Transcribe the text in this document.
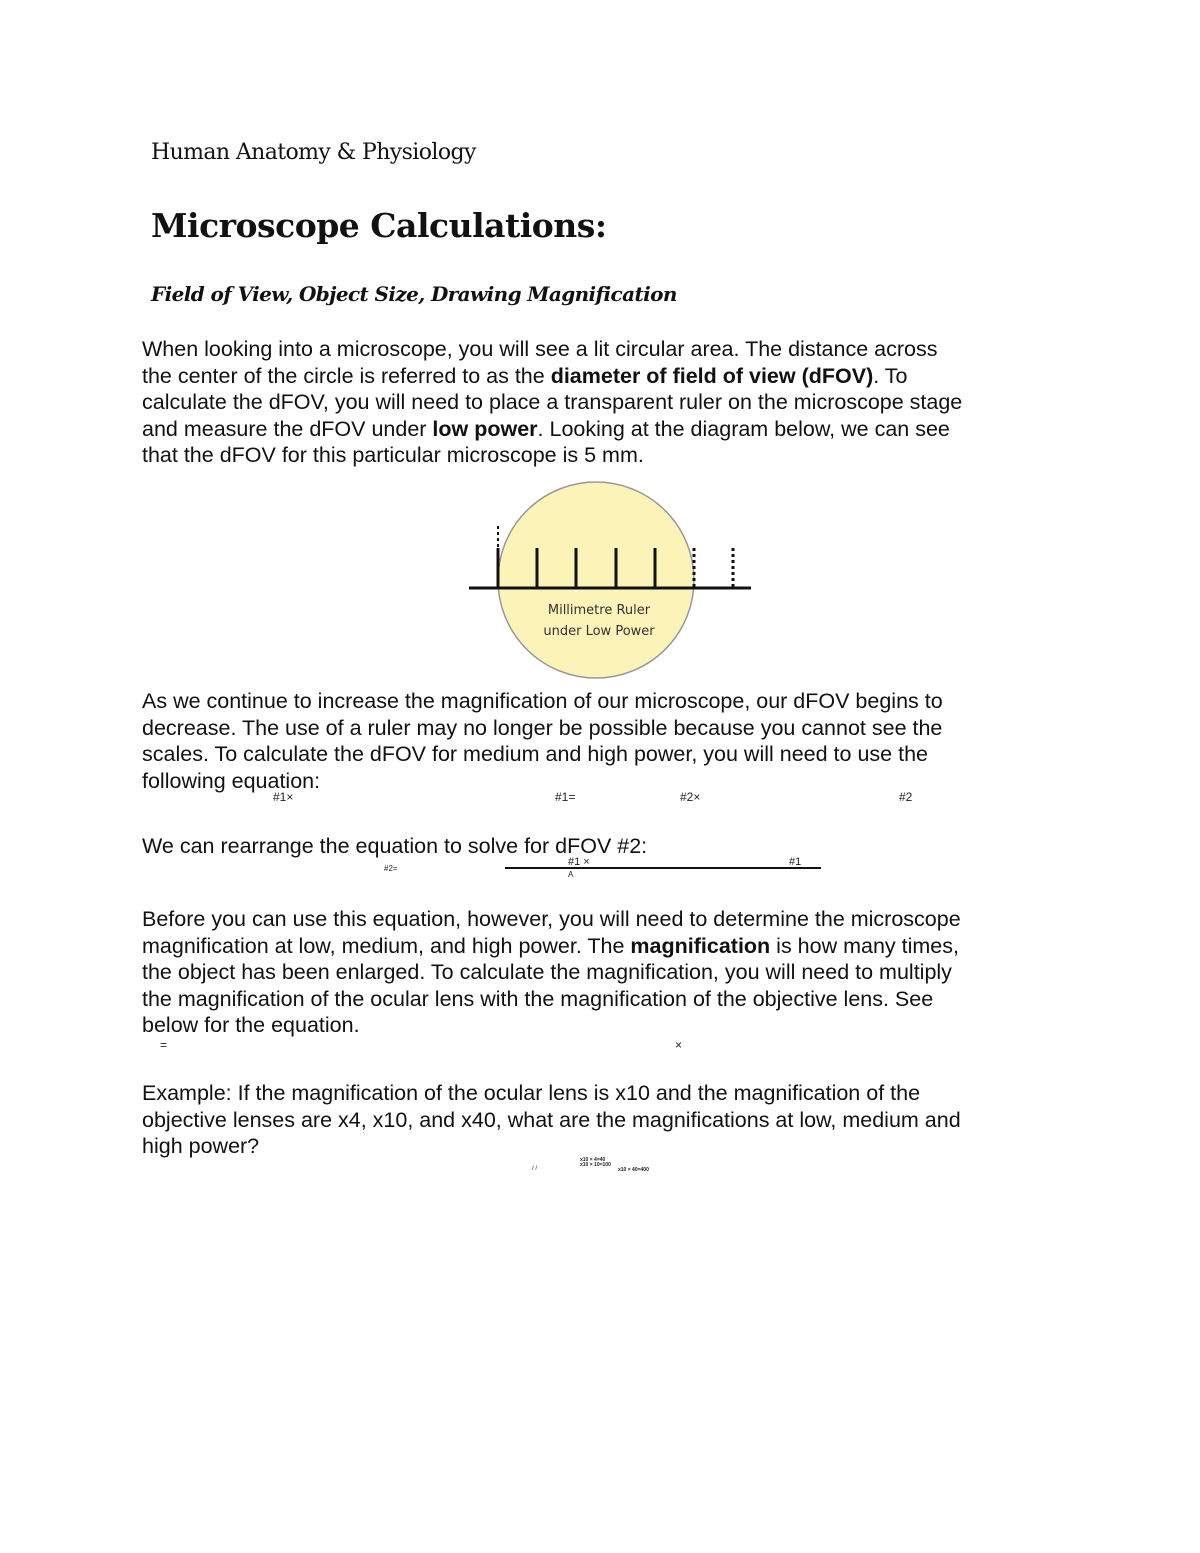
Human Anatomy & Physiology
Microscope Calculations:
Field of View, Object Size, Drawing Magnification
When looking into a microscope, you will see a lit circular area. The distance across
the center of the circle is referred to as the diameter of field of view (dFOV). To
calculate the dFOV, you will need to place a transparent ruler on the microscope stage
and measure the dFOV under low power. Looking at the diagram below, we can see
that the dFOV for this particular microscope is 5 mm.
Millimetre Ruler
under Low Power
As we continue to increase the magnification of our microscope, our dFOV begins to
decrease. The use of a ruler may no longer be possible because you cannot see the
scales. To calculate the dFOV for medium and high power, you will need to use the
following equation:
#1×	#1=	#2×	#2
We can rearrange the equation to solve for dFOV #2:
#2=
#1 ×	#1
A
Before you can use this equation, however, you will need to determine the microscope
magnification at low, medium, and high power. The magnification is how many times,
the object has been enlarged. To calculate the magnification, you will need to multiply
the magnification of the ocular lens with the magnification of the objective lens. See
below for the equation.
=	×
Example: If the magnification of the ocular lens is x10 and the magnification of the
objective lenses are x4, x10, and x40, what are the magnifications at low, medium and
high power?
/ /
x10 × 4=40
x10 × 10=100
x10 × 40=400
